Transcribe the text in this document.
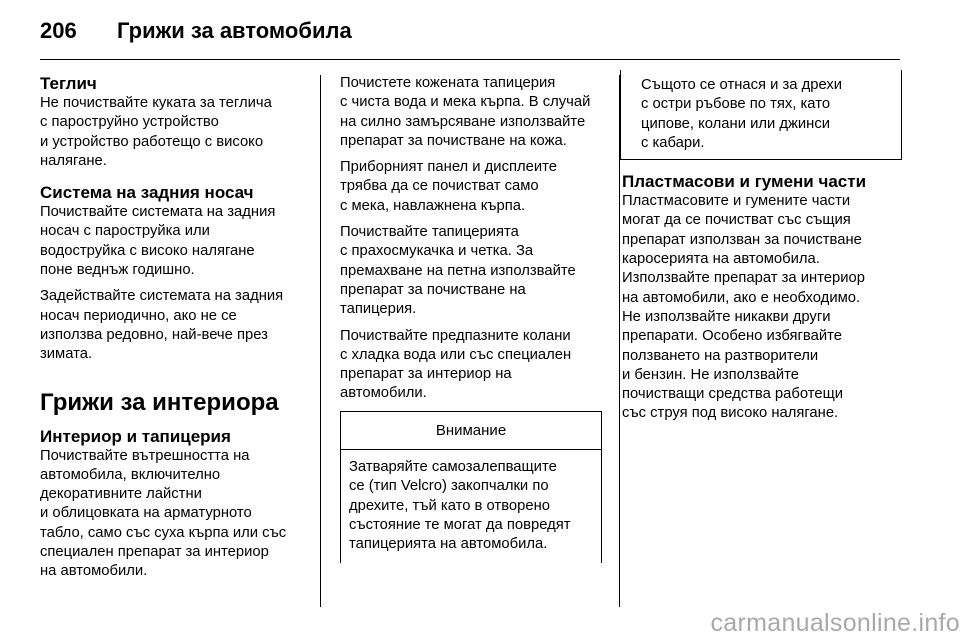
206 Грижи за автомобила
Теглич

Не почиствайте куката за теглича
с пароструйно устройство
и устройство работещо с високо
налягане.

Система на задния носач

Почиствайте системата на задния
носач с пароструйка или
водоструйка с високо налягане
поне веднъж годишно.

Задействайте системата на задния
носач периодично, ако не се
използва редовно, най-вече през
зимата.

Грижи за интериора
Интериор и тапицерия

Почиствайте вътрешността на
автомобила, включително
декоративните лайстни
и облицовката на арматурното
табло, само със суха кърпа или със
специален препарат за интериор
на автомобили.

Почистете кожената тапицерия
с чиста вода и мека кърпа. В случай
на силно замърсяване използвайте
препарат за почистване на кожа.

Приборният панел и дисплеите
трябва да се почистват само
с мека, навлажнена кърпа.

Почиствайте тапицерията
с прахосмукачка и четка. За
премахване на петна използвайте
препарат за почистване на
тапицерия.

Почиствайте предпазните колани
с хладка вода или със специален
препарат за интериор на
автомобили.

Внимание
Затваряйте самозалепващите
се (тип Velcro) закопчалки по
дрехите, тъй като в отворено
състояние те могат да повредят
тапицерията на автомобила.
Същото се отнася и за дрехи
с остри ръбове по тях, като
ципове, колани или джинси
с кабари.
Пластмасови и гумени части

Пластмасовите и гумените части
могат да се почистват със същия
препарат използван за почистване
каросерията на автомобила.
Използвайте препарат за интериор
на автомобили, ако е необходимо.
Не използвайте никакви други
препарати. Особено избягвайте
ползването на разтворители
и бензин. Не използвайте
почистващи средства работещи
със струя под високо налягане.

carmanualsonline.info
